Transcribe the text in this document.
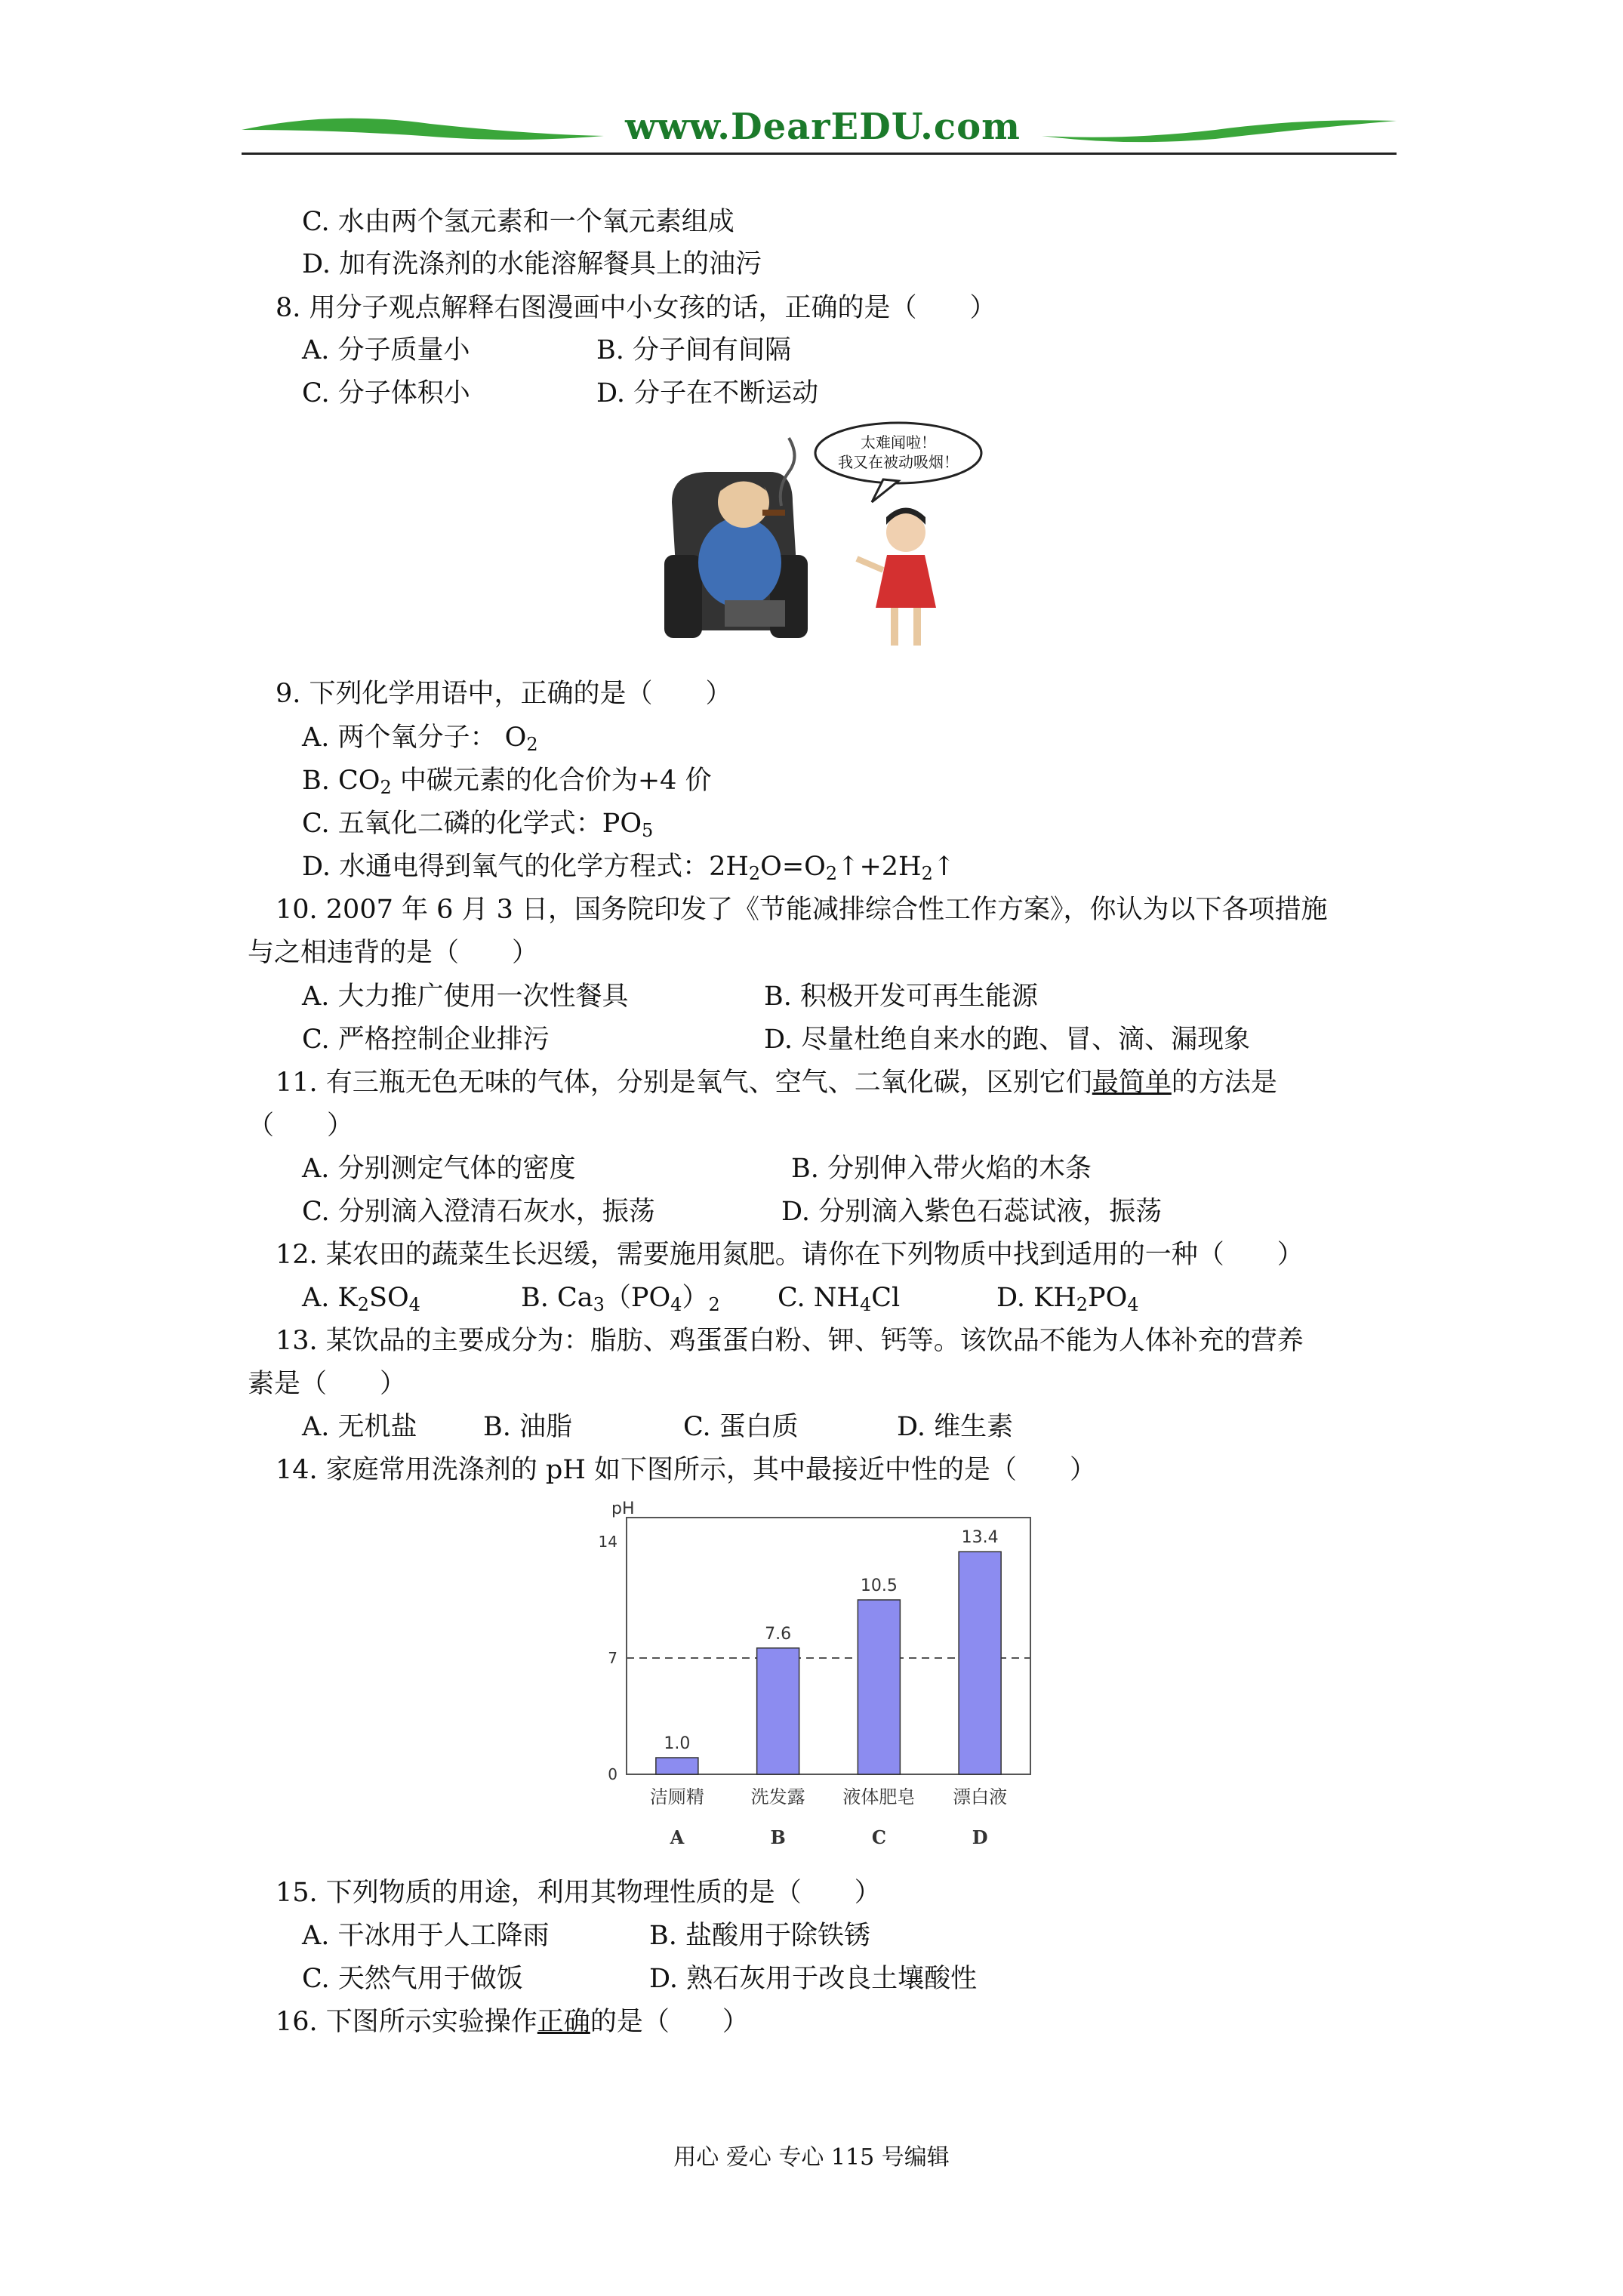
www.DearEDU.com
C. 水由两个氢元素和一个氧元素组成
D. 加有洗涤剂的水能溶解餐具上的油污
8. 用分子观点解释右图漫画中小女孩的话，正确的是（　　）
A. 分子质量小	B. 分子间有间隔
C. 分子体积小	D. 分子在不断运动
太难闻啦！
我又在被动吸烟！
9. 下列化学用语中，正确的是（　　）
A. 两个氧分子： $O_2$
B. $CO_2$ 中碳元素的化合价为+4 价
C. 五氧化二磷的化学式：$PO_5$
D. 水通电得到氧气的化学方程式：$2H_2O=O_2↑+2H_2↑$
10. 2007 年 6 月 3 日，国务院印发了《节能减排综合性工作方案》，你认为以下各项措施
与之相违背的是（　　）
A. 大力推广使用一次性餐具	B. 积极开发可再生能源
C. 严格控制企业排污	D. 尽量杜绝自来水的跑、冒、滴、漏现象
11. 有三瓶无色无味的气体，分别是氧气、空气、二氧化碳，区别它们最简单的方法是
（　　）
A. 分别测定气体的密度	B. 分别伸入带火焰的木条
C. 分别滴入澄清石灰水，振荡	D. 分别滴入紫色石蕊试液，振荡
12. 某农田的蔬菜生长迟缓，需要施用氮肥。请你在下列物质中找到适用的一种（　　）
A. $K_2SO_4$	B. $Ca_3(PO_4)_2$ C. $NH_4Cl$	D. $KH_2PO_4$
13. 某饮品的主要成分为：脂肪、鸡蛋蛋白粉、钾、钙等。该饮品不能为人体补充的营养
素是（　　）
A. 无机盐 B. 油脂	C. 蛋白质	D. 维生素
14. 家庭常用洗涤剂的 pH 如下图所示，其中最接近中性的是（　　）
pH
0
7
14
1.0
洁厕精
A
7.6
洗发露
B
10.5
液体肥皂
C
13.4
漂白液
D
15. 下列物质的用途，利用其物理性质的是（　　）
A. 干冰用于人工降雨	B. 盐酸用于除铁锈
C. 天然气用于做饭	D. 熟石灰用于改良土壤酸性
16. 下图所示实验操作正确的是（　　）
用心 爱心 专心 115 号编辑
